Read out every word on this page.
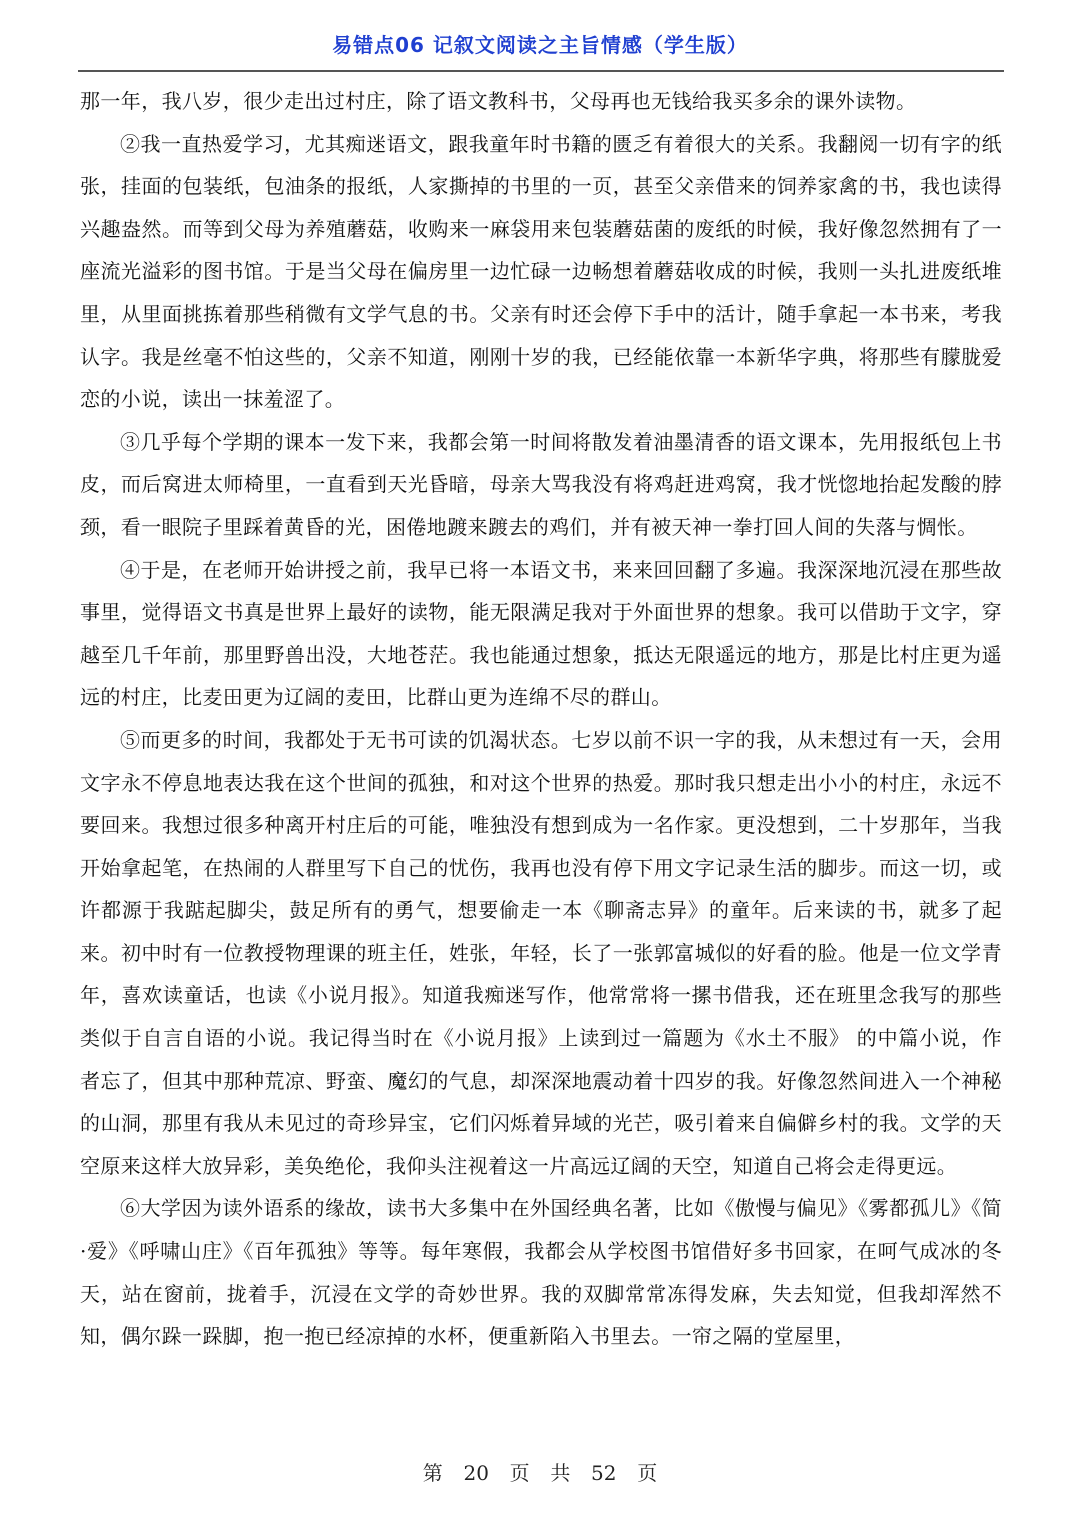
易错点06 记叙文阅读之主旨情感（学生版）

那一年，我八岁，很少走出过村庄，除了语文教科书，父母再也无钱给我买多余的课外读物。

②我一直热爱学习，尤其痴迷语文，跟我童年时书籍的匮乏有着很大的关系。我翻阅一切有字的纸张，挂面的包装纸，包油条的报纸，人家撕掉的书里的一页，甚至父亲借来的饲养家禽的书，我也读得兴趣盎然。而等到父母为养殖蘑菇，收购来一麻袋用来包装蘑菇菌的废纸的时候，我好像忽然拥有了一座流光溢彩的图书馆。于是当父母在偏房里一边忙碌一边畅想着蘑菇收成的时候，我则一头扎进废纸堆里，从里面挑拣着那些稍微有文学气息的书。父亲有时还会停下手中的活计，随手拿起一本书来，考我认字。我是丝毫不怕这些的，父亲不知道，刚刚十岁的我，已经能依靠一本新华字典，将那些有朦胧爱恋的小说，读出一抹羞涩了。

③几乎每个学期的课本一发下来，我都会第一时间将散发着油墨清香的语文课本，先用报纸包上书皮，而后窝进太师椅里，一直看到天光昏暗，母亲大骂我没有将鸡赶进鸡窝，我才恍惚地抬起发酸的脖颈，看一眼院子里踩着黄昏的光，困倦地踱来踱去的鸡们，并有被天神一拳打回人间的失落与惆怅。

④于是，在老师开始讲授之前，我早已将一本语文书，来来回回翻了多遍。我深深地沉浸在那些故事里，觉得语文书真是世界上最好的读物，能无限满足我对于外面世界的想象。我可以借助于文字，穿越至几千年前，那里野兽出没，大地苍茫。我也能通过想象，抵达无限遥远的地方，那是比村庄更为遥远的村庄，比麦田更为辽阔的麦田，比群山更为连绵不尽的群山。

⑤而更多的时间，我都处于无书可读的饥渴状态。七岁以前不识一字的我，从未想过有一天，会用文字永不停息地表达我在这个世间的孤独，和对这个世界的热爱。那时我只想走出小小的村庄，永远不要回来。我想过很多种离开村庄后的可能，唯独没有想到成为一名作家。更没想到，二十岁那年，当我开始拿起笔，在热闹的人群里写下自己的忧伤，我再也没有停下用文字记录生活的脚步。而这一切，或许都源于我踮起脚尖，鼓足所有的勇气，想要偷走一本《聊斋志异》的童年。后来读的书，就多了起来。初中时有一位教授物理课的班主任，姓张，年轻，长了一张郭富城似的好看的脸。他是一位文学青年，喜欢读童话，也读《小说月报》。知道我痴迷写作，他常常将一摞书借我，还在班里念我写的那些类似于自言自语的小说。我记得当时在《小说月报》上读到过一篇题为《水土不服》 的中篇小说，作者忘了，但其中那种荒凉、野蛮、魔幻的气息，却深深地震动着十四岁的我。好像忽然间进入一个神秘的山洞，那里有我从未见过的奇珍异宝，它们闪烁着异域的光芒，吸引着来自偏僻乡村的我。文学的天空原来这样大放异彩，美奂绝伦，我仰头注视着这一片高远辽阔的天空，知道自己将会走得更远。

⑥大学因为读外语系的缘故，读书大多集中在外国经典名著，比如《傲慢与偏见》《雾都孤儿》《简·爱》《呼啸山庄》《百年孤独》等等。每年寒假，我都会从学校图书馆借好多书回家，在呵气成冰的冬天，站在窗前，拢着手，沉浸在文学的奇妙世界。我的双脚常常冻得发麻，失去知觉，但我却浑然不知，偶尔跺一跺脚，抱一抱已经凉掉的水杯，便重新陷入书里去。一帘之隔的堂屋里，

第  20  页  共  52  页
